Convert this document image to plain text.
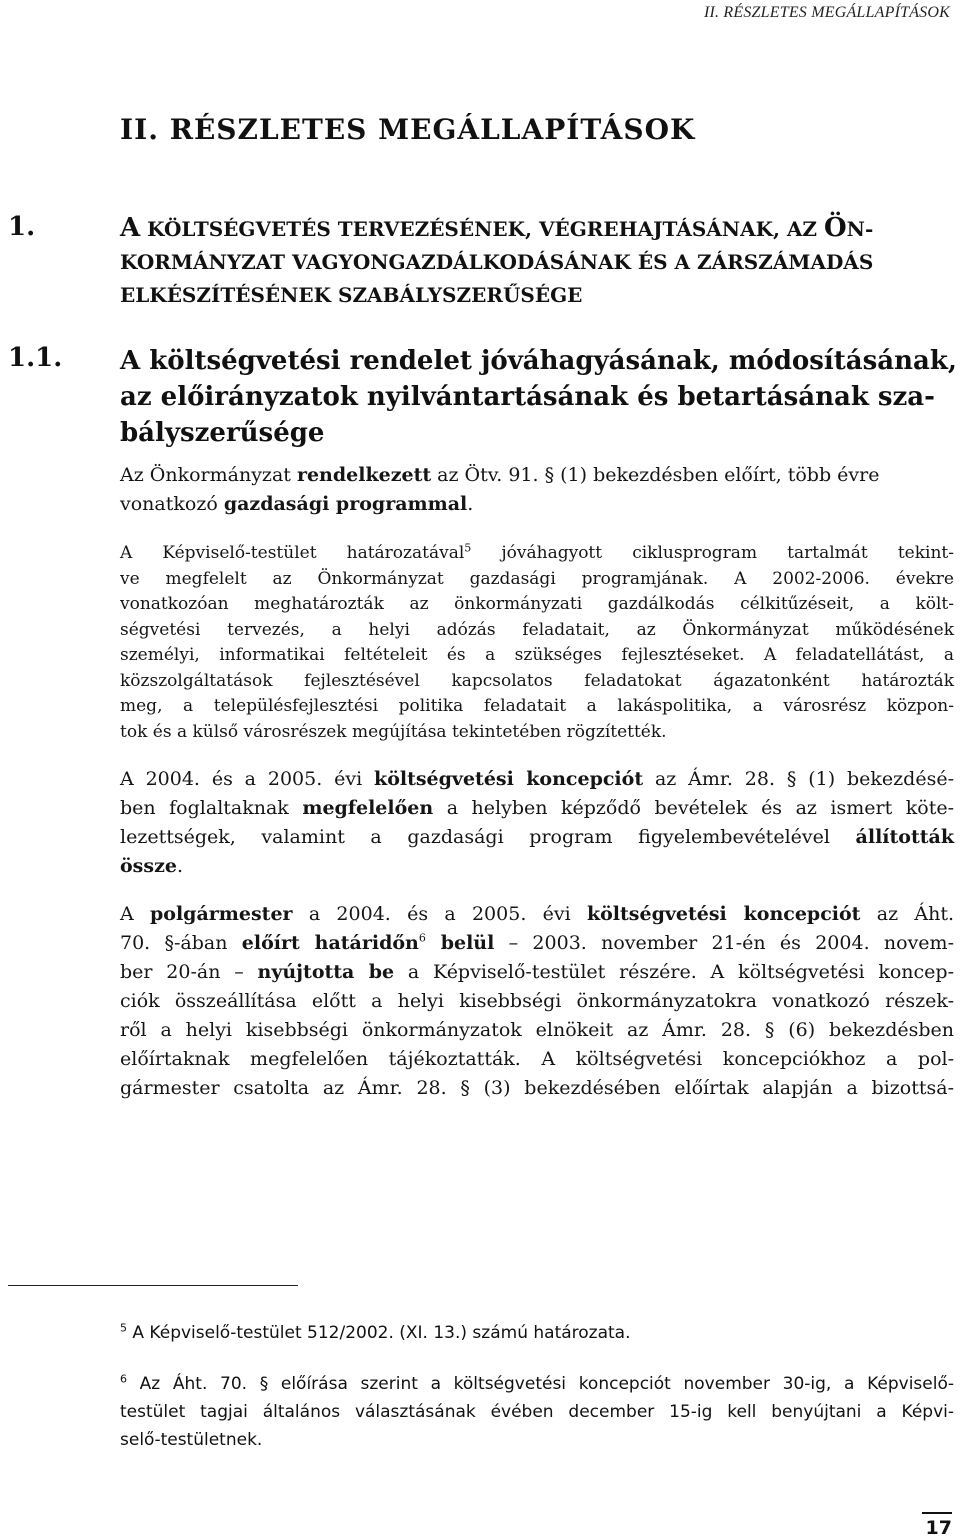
II. RÉSZLETES MEGÁLLAPÍTÁSOK
II. RÉSZLETES MEGÁLLAPÍTÁSOK
1.	A KÖLTSÉGVETÉS TERVEZÉSÉNEK, VÉGREHAJTÁSÁNAK, AZ ÖN-
KORMÁNYZAT VAGYONGAZDÁLKODÁSÁNAK ÉS A ZÁRSZÁMADÁS
ELKÉSZÍTÉSÉNEK SZABÁLYSZERŰSÉGE
1.1. A költségvetési rendelet jóváhagyásának, módosításának,
az előirányzatok nyilvántartásának és betartásának sza-
bályszerűsége
Az Önkormányzat rendelkezett az Ötv. 91. § (1) bekezdésben előírt, több évre
vonatkozó gazdasági programmal.
A Képviselő-testület határozatával$^5$ jóváhagyott ciklusprogram tartalmát tekint-
ve megfelelt az Önkormányzat gazdasági programjának. A 2002-2006. évekre
vonatkozóan meghatározták az önkormányzati gazdálkodás célkitűzéseit, a költ-
ségvetési tervezés, a helyi adózás feladatait, az Önkormányzat működésének
személyi, informatikai feltételeit és a szükséges fejlesztéseket. A feladatellátást, a
közszolgáltatások fejlesztésével kapcsolatos feladatokat ágazatonként határozták
meg, a településfejlesztési politika feladatait a lakáspolitika, a városrész közpon-
tok és a külső városrészek megújítása tekintetében rögzítették.
A 2004. és a 2005. évi költségvetési koncepciót az Ámr. 28. § (1) bekezdésé-
ben foglaltaknak megfelelően a helyben képződő bevételek és az ismert köte-
lezettségek, valamint a gazdasági program figyelembevételével állították
össze.
A polgármester a 2004. és a 2005. évi költségvetési koncepciót az Áht.
70. §-ában előírt határidőn$^6$ belül – 2003. november 21-én és 2004. novem-
ber 20-án – nyújtotta be a Képviselő-testület részére. A költségvetési koncep-
ciók összeállítása előtt a helyi kisebbségi önkormányzatokra vonatkozó részek-
ről a helyi kisebbségi önkormányzatok elnökeit az Ámr. 28. § (6) bekezdésben
előírtaknak megfelelően tájékoztatták. A költségvetési koncepciókhoz a pol-
gármester csatolta az Ámr. 28. § (3) bekezdésében előírtak alapján a bizottsá-
$^5$ A Képviselő-testület 512/2002. (XI. 13.) számú határozata.
$^6$ Az Áht. 70. § előírása szerint a költségvetési koncepciót november 30-ig, a Képviselő-
testület tagjai általános választásának évében december 15-ig kell benyújtani a Képvi-
selő-testületnek.
17
